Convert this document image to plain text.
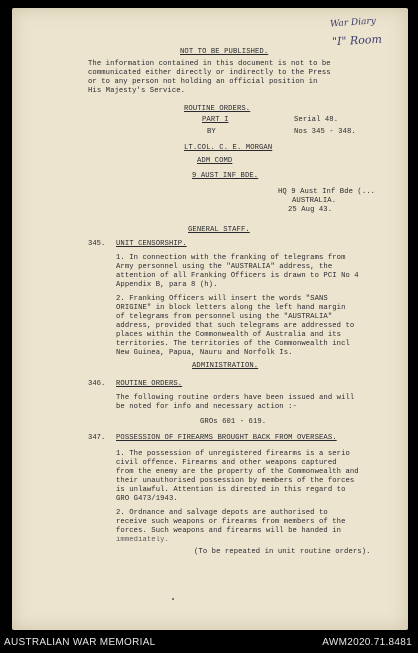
War Diary
"I" Room
NOT TO BE PUBLISHED.
The information contained in this document is not to be
communicated either directly or indirectly to the Press
or to any person not holding an official position in
His Majesty's Service.
ROUTINE ORDERS.
PART I	Serial 48.
BY	Nos 345 - 348.
LT.COL. C. E. MORGAN
ADM COMD
9 AUST INF BDE.
HQ 9 Aust Inf Bde (...
AUSTRALIA.
25 Aug 43.
GENERAL STAFF.
345. UNIT CENSORSHIP.
1. In connection with the franking of telegrams from
Army personnel using the "AUSTRALIA" address, the
attention of all Franking Officers is drawn to PCI No 4
Appendix B, para 8 (h).
2. Franking Officers will insert the words "SANS
ORIGINE" in block letters along the left hand margin
of telegrams from personnel using the "AUSTRALIA"
address, provided that such telegrams are addressed to
places within the Commonwealth of Australia and its
territories. The territories of the Commonwealth incl
New Guinea, Papua, Nauru and Norfolk Is.
ADMINISTRATION.
346. ROUTINE ORDERS.
The following routine orders have been issued and will
be noted for info and necessary action :-
GROs 601 - 619.
347. POSSESSION OF FIREARMS BROUGHT BACK FROM OVERSEAS.
1. The possession of unregistered firearms is a serio
civil offence. Firearms and other weapons captured
from the enemy are the property of the Commonwealth and
their unauthorised possession by members of the forces
is unlawful. Attention is directed in this regard to
GRO G473/1943.
2. Ordnance and salvage depots are authorised to
receive such weapons or firearms from members of the
forces. Such weapons and firearms will be handed in
immediately.
(To be repeated in unit routine orders).
AUSTRALIAN WAR MEMORIAL	AWM2020.71.8481
